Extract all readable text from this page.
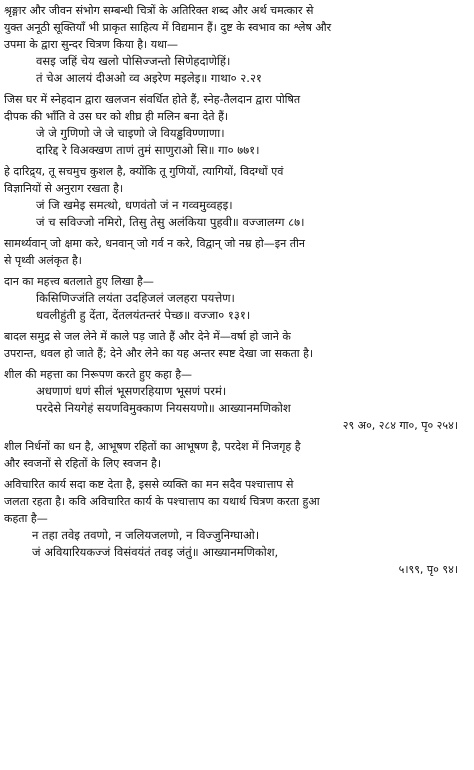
श्रृङ्गार और जीवन संभोग सम्बन्धी चित्रों के अतिरिक्त शब्द और अर्थ चमत्कार से
युक्त अनूठी सूक्तियाँ भी प्राकृत साहित्य में विद्यमान हैं। दुष्ट के स्वभाव का श्लेष और
उपमा के द्वारा सुन्दर चित्रण किया है। यथा—
वसइ जहिं चेय खलो पोसिज्जन्तो सिणेहदाणेहिं।
तं चेअ आलयं दीअओ व्व अइरेण मइलेइ॥ गाथा० २.२१
जिस घर में स्नेहदान द्वारा खलजन संवर्धित होते हैं, स्नेह-तैलदान द्वारा पोषित
दीपक की भाँति वे उस घर को शीघ्र ही मलिन बना देते हैं।
जे जे गुणिणो जे जे चाइणो जे वियड्ढविण्णाणा।
दारिद्द रे विअक्खण ताणं तुमं साणुराओ सि॥ गा० ७७१।
हे दारिद्र्य, तू सचमुच कुशल है, क्योंकि तू गुणियों, त्यागियों, विदग्धों एवं
विज्ञानियों से अनुराग रखता है।
जं जि खमेइ समत्थो, धणवंतो जं न गव्वमुव्वहइ।
जं च सविज्जो नमिरो, तिसु तेसु अलंकिया पुहवी॥ वज्जालग्ग ८७।
सामर्थ्यवान् जो क्षमा करे, धनवान् जो गर्व न करे, विद्वान् जो नम्र हो—इन तीन
से पृथ्वी अलंकृत है।
दान का महत्त्व बतलाते हुए लिखा है—
किसिणिज्जंति लयंता उदहिजलं जलहरा पयत्तेण।
धवलीहुंती हु देंता, देंतलयंतन्तरं पेच्छ॥ वज्जा० १३१।
बादल समुद्र से जल लेने में काले पड़ जाते हैं और देने में—वर्षा हो जाने के
उपरान्त, धवल हो जाते हैं; देने और लेने का यह अन्तर स्पष्ट देखा जा सकता है।
शील की महत्ता का निरूपण करते हुए कहा है—
अधणाणं धणं सीलं भूसणरहियाण भूसणं परमं।
परदेसे नियगेहं सयणविमुक्काण नियसयणो॥ आख्यानमणिकोश
२९ अ०, २८४ गा०, पृ० २५४।
शील निर्धनों का धन है, आभूषण रहितों का आभूषण है, परदेश में निजगृह है
और स्वजनों से रहितों के लिए स्वजन है।
अविचारित कार्य सदा कष्ट देता है, इससे व्यक्ति का मन सदैव पश्चात्ताप से
जलता रहता है। कवि अविचारित कार्य के पश्चात्ताप का यथार्थ चित्रण करता हुआ
कहता है—
न तहा तवेइ तवणो, न जलियजलणो, न विज्जुनिग्घाओ।
जं अवियारियकज्जं विसंवयंतं तवइ जंतुं॥ आख्यानमणिकोश,
५।९९, पृ० ९४।
